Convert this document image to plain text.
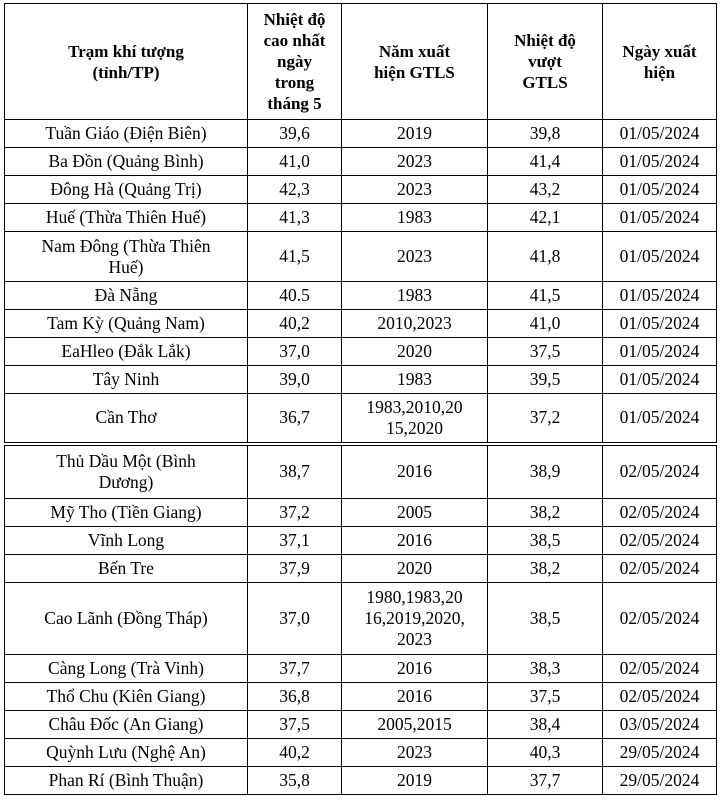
Trạm khí tượng
(tỉnh/TP)	Nhiệt độ
cao nhất
ngày
trong
tháng 5	Năm xuất
hiện GTLS	Nhiệt độ
vượt
GTLS	Ngày xuất
hiện
Tuần Giáo (Điện Biên)	39,6	2019	39,8	01/05/2024
Ba Đồn (Quảng Bình)	41,0	2023	41,4	01/05/2024
Đông Hà (Quảng Trị)	42,3	2023	43,2	01/05/2024
Huế (Thừa Thiên Huế)	41,3	1983	42,1	01/05/2024
Nam Đông (Thừa Thiên
Huế)	41,5	2023	41,8	01/05/2024
Đà Nẵng	40.5	1983	41,5	01/05/2024
Tam Kỳ (Quảng Nam)	40,2	2010,2023	41,0	01/05/2024
EaHleo (Đắk Lắk)	37,0	2020	37,5	01/05/2024
Tây Ninh	39,0	1983	39,5	01/05/2024
Cần Thơ	36,7	1983,2010,20
15,2020	37,2	01/05/2024
Thủ Dầu Một (Bình
Dương)	38,7	2016	38,9	02/05/2024
Mỹ Tho (Tiền Giang)	37,2	2005	38,2	02/05/2024
Vĩnh Long	37,1	2016	38,5	02/05/2024
Bến Tre	37,9	2020	38,2	02/05/2024
Cao Lãnh (Đồng Tháp)	37,0	1980,1983,20
16,2019,2020,
2023	38,5	02/05/2024
Càng Long (Trà Vinh)	37,7	2016	38,3	02/05/2024
Thổ Chu (Kiên Giang)	36,8	2016	37,5	02/05/2024
Châu Đốc (An Giang)	37,5	2005,2015	38,4	03/05/2024
Quỳnh Lưu (Nghệ An)	40,2	2023	40,3	29/05/2024
Phan Rí (Bình Thuận)	35,8	2019	37,7	29/05/2024
